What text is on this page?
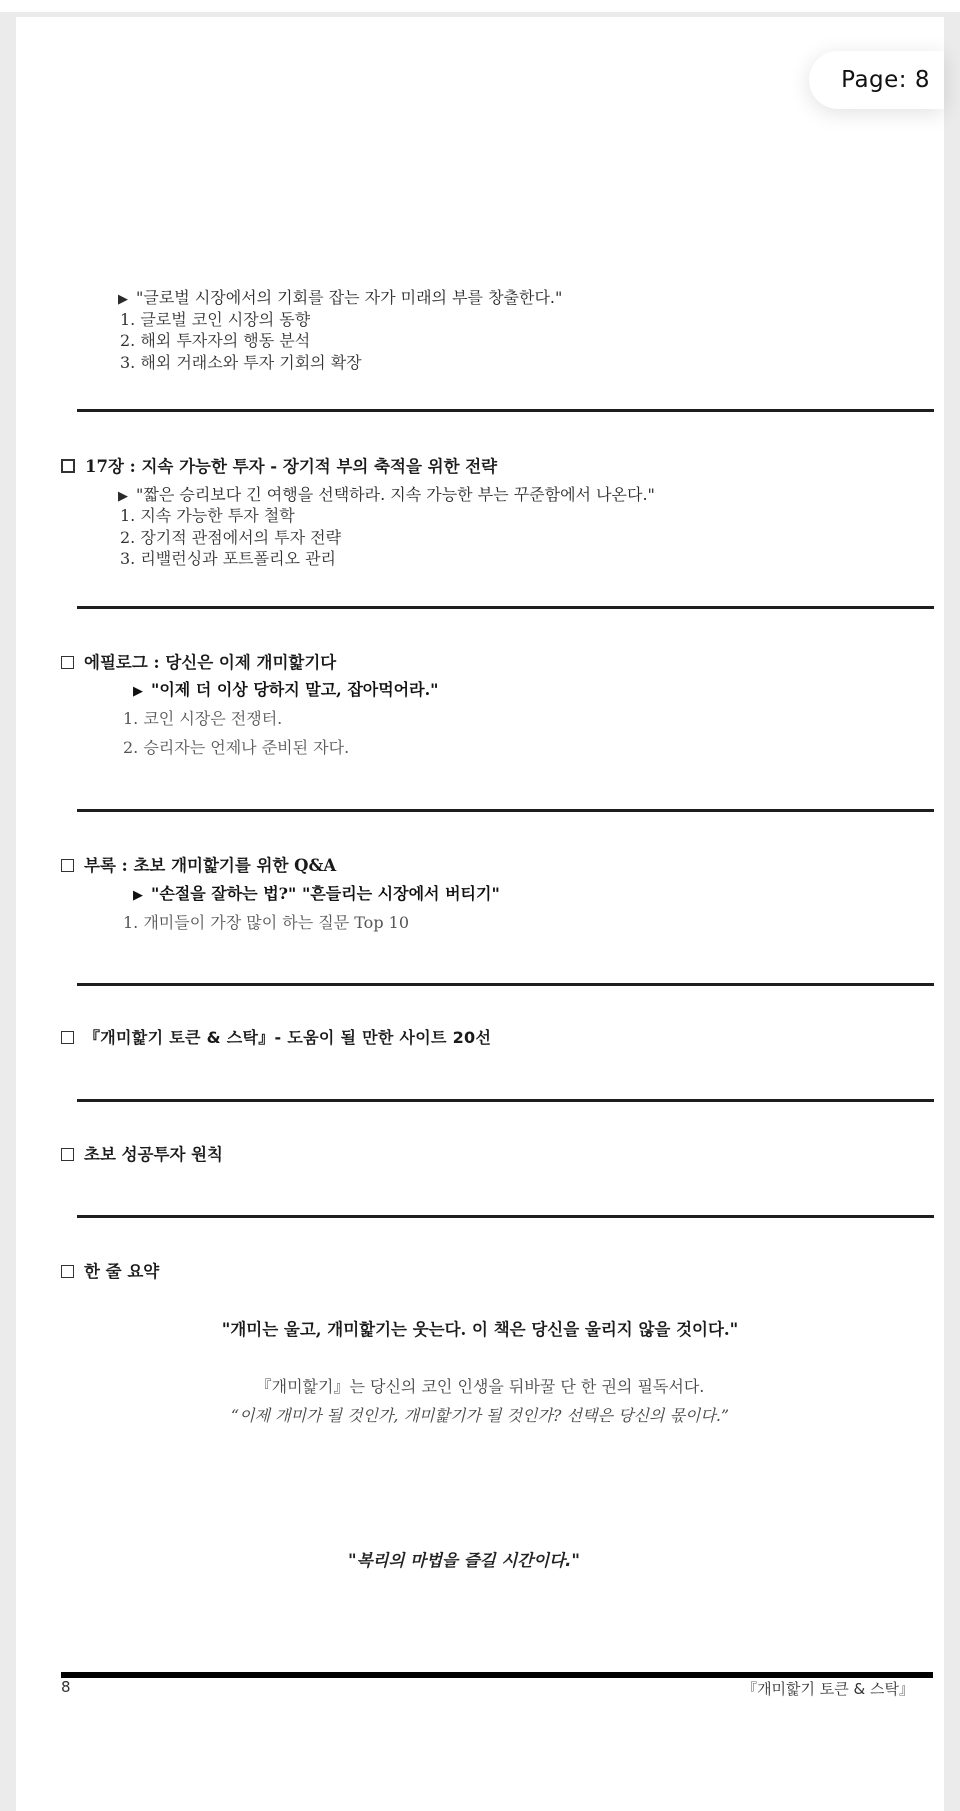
Page: 8
▶ "글로벌 시장에서의 기회를 잡는 자가 미래의 부를 창출한다."
1. 글로벌 코인 시장의 동향
2. 해외 투자자의 행동 분석
3. 해외 거래소와 투자 기회의 확장
17장 : 지속 가능한 투자 - 장기적 부의 축적을 위한 전략
▶ "짧은 승리보다 긴 여행을 선택하라. 지속 가능한 부는 꾸준함에서 나온다."
1. 지속 가능한 투자 철학
2. 장기적 관점에서의 투자 전략
3. 리밸런싱과 포트폴리오 관리
에필로그 : 당신은 이제 개미핥기다
▶ "이제 더 이상 당하지 말고, 잡아먹어라."
1. 코인 시장은 전쟁터.
2. 승리자는 언제나 준비된 자다.
부록 : 초보 개미핥기를 위한 Q&A
▶ "손절을 잘하는 법?" "흔들리는 시장에서 버티기"
1. 개미들이 가장 많이 하는 질문 Top 10
『개미핥기 토큰 & 스탁』- 도움이 될 만한 사이트 20선
초보 성공투자 원칙
한 줄 요약
"개미는 울고, 개미핥기는 웃는다. 이 책은 당신을 울리지 않을 것이다."
『개미핥기』는 당신의 코인 인생을 뒤바꿀 단 한 권의 필독서다.
“이제 개미가 될 것인가, 개미핥기가 될 것인가? 선택은 당신의 몫이다.”
"복리의 마법을 즐길 시간이다."
8	『개미핥기 토큰 & 스탁』
